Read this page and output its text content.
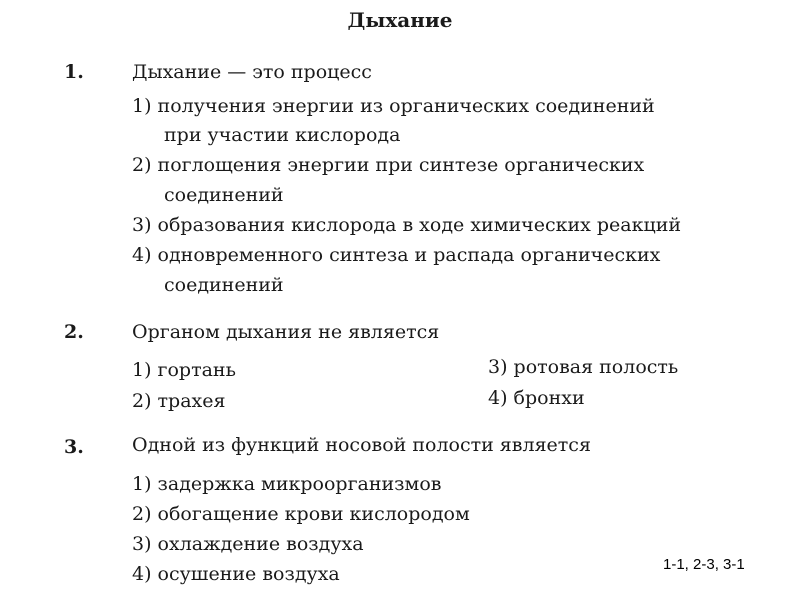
Дыхание
1.	Дыхание — это процесс
1) получения энергии из органических соединений
при участии кислорода
2) поглощения энергии при синтезе органических
соединений
3) образования кислорода в ходе химических реакций
4) одновременного синтеза и распада органических
соединений
2.	Органом дыхания не является
1) гортань
2) трахея
3) ротовая полость
4) бронхи
3.	Одной из функций носовой полости является
1) задержка микроорганизмов
2) обогащение крови кислородом
3) охлаждение воздуха
4) осушение воздуха	1-1, 2-3, 3-1
